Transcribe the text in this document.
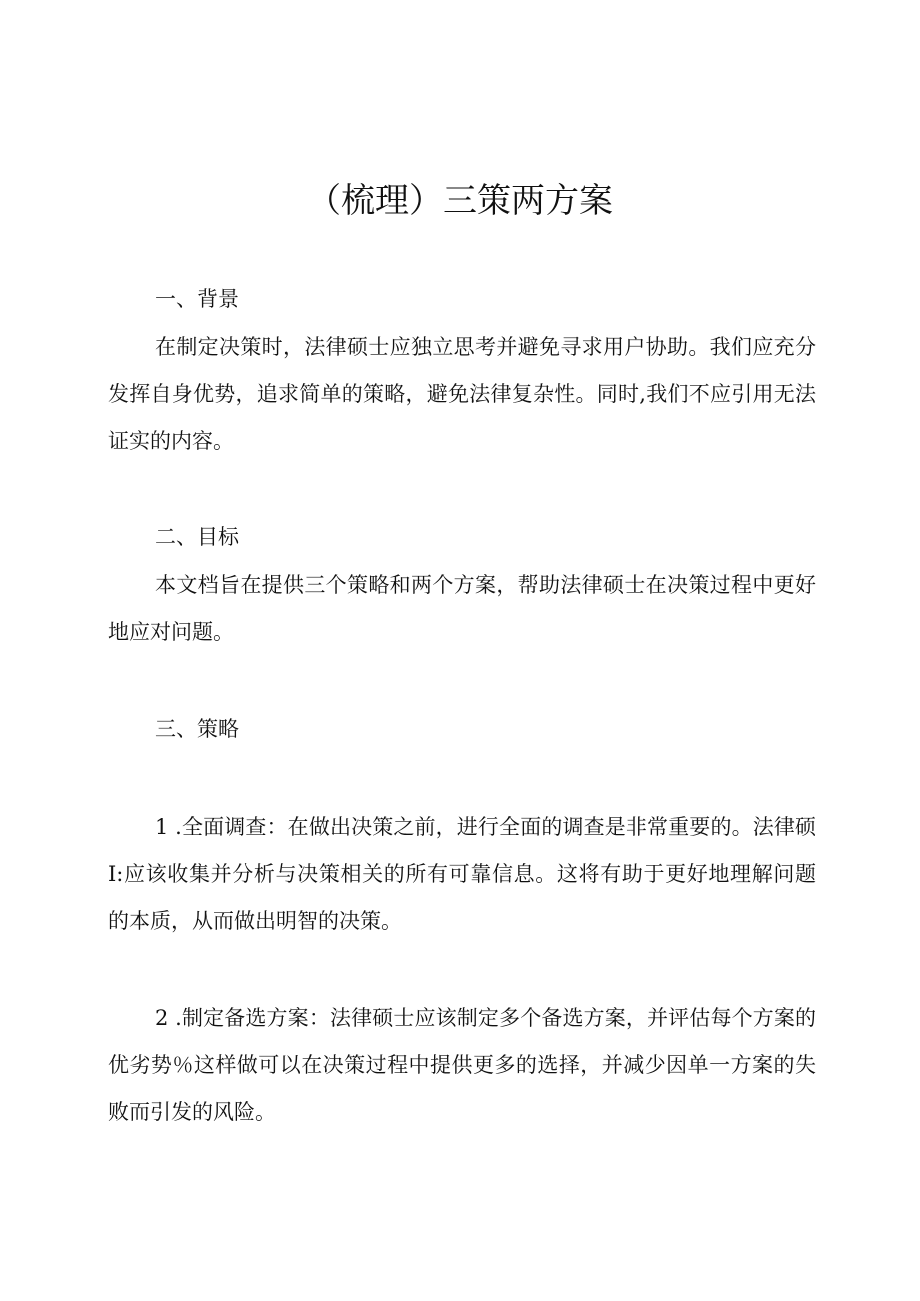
（梳理）三策两方案
一、背景

在制定决策时，法律硕士应独立思考并避免寻求用户协助。我们应充分发挥自身优势，追求简单的策略，避免法律复杂性。同时,我们不应引用无法证实的内容。

二、目标

本文档旨在提供三个策略和两个方案，帮助法律硕士在决策过程中更好地应对问题。

三、策略

1 .全面调查：在做出决策之前，进行全面的调查是非常重要的。法律硕I:应该收集并分析与决策相关的所有可靠信息。这将有助于更好地理解问题的本质，从而做出明智的决策。

2 .制定备选方案：法律硕士应该制定多个备选方案，并评估每个方案的优劣势％这样做可以在决策过程中提供更多的选择，并减少因单一方案的失败而引发的风险。
